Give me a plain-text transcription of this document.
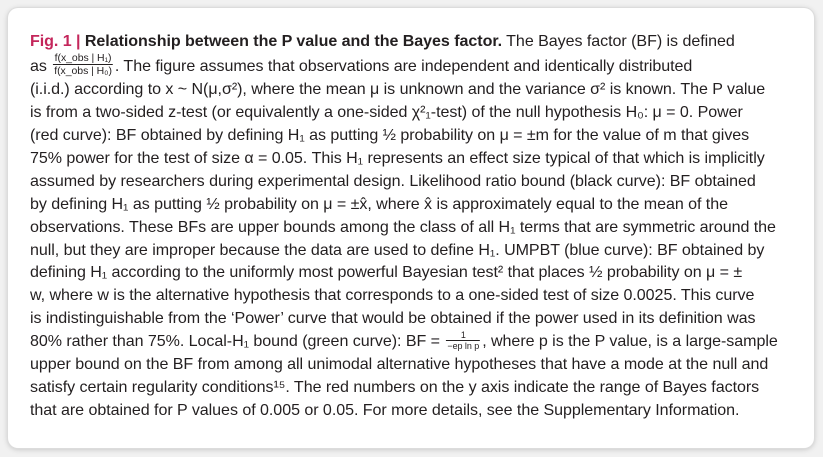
Fig. 1 | Relationship between the P value and the Bayes factor. The Bayes factor (BF) is defined
as $\frac{\text{f(x\_obs | H₁)}}{\text{f(x\_obs | H₀)}}$ . The figure assumes that observations are independent and identically distributed
(i.i.d.) according to x ~ N(μ,σ²), where the mean μ is unknown and the variance σ² is known. The P value
is from a two-sided z-test (or equivalently a one-sided χ²₁-test) of the null hypothesis H₀: μ = 0. Power
(red curve): BF obtained by defining H₁ as putting ½ probability on μ = ±m for the value of m that gives
75% power for the test of size α = 0.05. This H₁ represents an effect size typical of that which is implicitly
assumed by researchers during experimental design. Likelihood ratio bound (black curve): BF obtained
by defining H₁ as putting ½ probability on μ = ±x̂, where x̂ is approximately equal to the mean of the
observations. These BFs are upper bounds among the class of all H₁ terms that are symmetric around the
null, but they are improper because the data are used to define H₁. UMPBT (blue curve): BF obtained by
defining H₁ according to the uniformly most powerful Bayesian test² that places ½ probability on μ = ±
w, where w is the alternative hypothesis that corresponds to a one-sided test of size 0.0025. This curve
is indistinguishable from the ‘Power’ curve that would be obtained if the power used in its definition was
80% rather than 75%. Local-H₁ bound (green curve): BF = $\frac{1}{\text{−ep ln p}}$ , where p is the P value, is a large-sample
upper bound on the BF from among all unimodal alternative hypotheses that have a mode at the null and
satisfy certain regularity conditions¹⁵. The red numbers on the y axis indicate the range of Bayes factors
that are obtained for P values of 0.005 or 0.05. For more details, see the Supplementary Information.
